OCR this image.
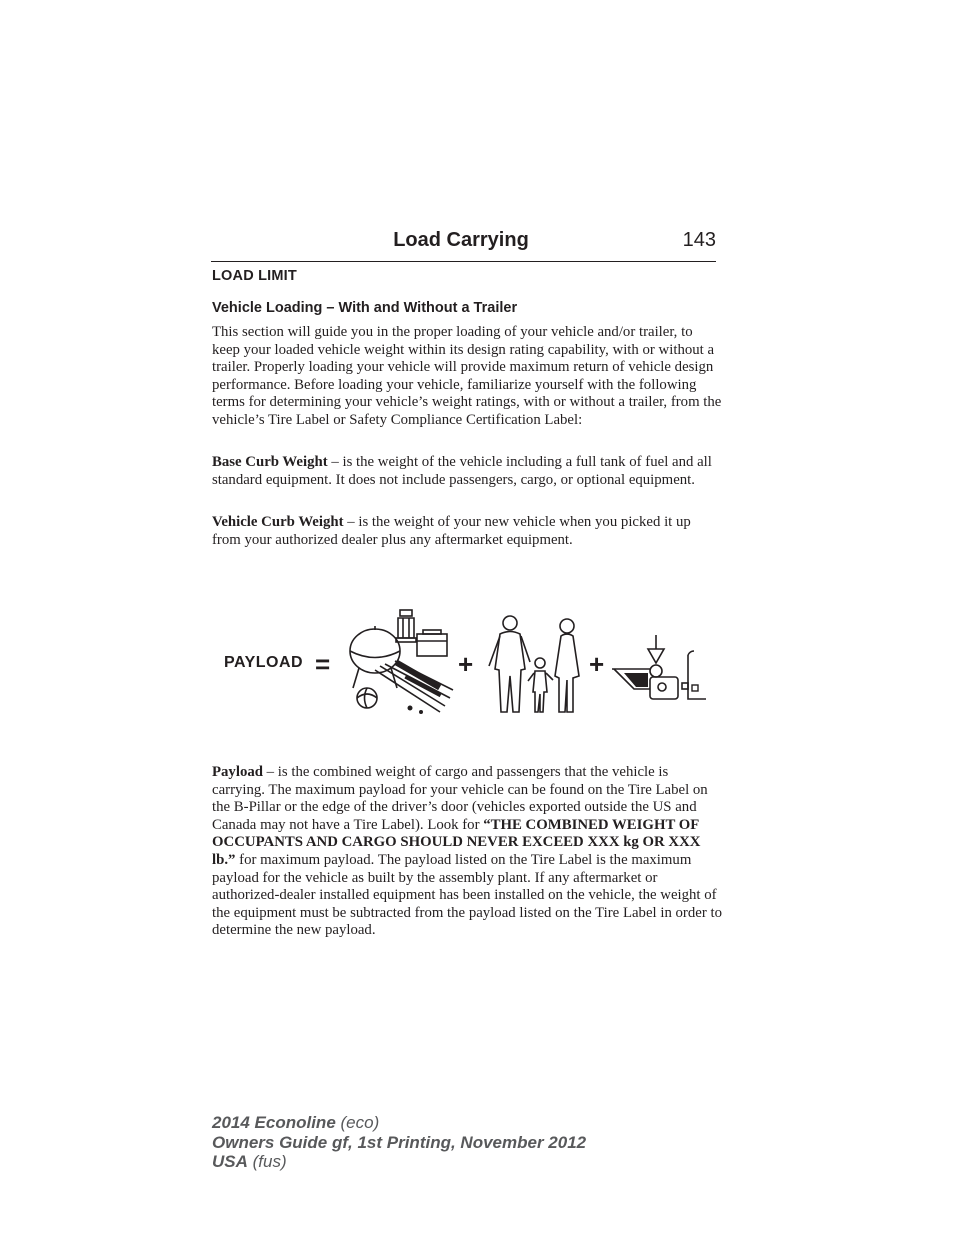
Load Carrying	143
LOAD LIMIT
Vehicle Loading – With and Without a Trailer

This section will guide you in the proper loading of your vehicle and/or trailer, to keep your loaded vehicle weight within its design rating capability, with or without a trailer. Properly loading your vehicle will provide maximum return of vehicle design performance. Before loading your vehicle, familiarize yourself with the following terms for determining your vehicle’s weight ratings, with or without a trailer, from the vehicle’s Tire Label or Safety Compliance Certification Label:

Base Curb Weight – is the weight of the vehicle including a full tank of fuel and all standard equipment. It does not include passengers, cargo, or optional equipment.

Vehicle Curb Weight – is the weight of your new vehicle when you picked it up from your authorized dealer plus any aftermarket equipment.

PAYLOAD =	+	+

Payload – is the combined weight of cargo and passengers that the vehicle is carrying. The maximum payload for your vehicle can be found on the Tire Label on the B-Pillar or the edge of the driver’s door (vehicles exported outside the US and Canada may not have a Tire Label). Look for “THE COMBINED WEIGHT OF OCCUPANTS AND CARGO SHOULD NEVER EXCEED XXX kg OR XXX lb.” for maximum payload. The payload listed on the Tire Label is the maximum payload for the vehicle as built by the assembly plant. If any aftermarket or authorized-dealer installed equipment has been installed on the vehicle, the weight of the equipment must be subtracted from the payload listed on the Tire Label in order to determine the new payload.

2014 Econoline (eco)
Owners Guide gf, 1st Printing, November 2012
USA (fus)
